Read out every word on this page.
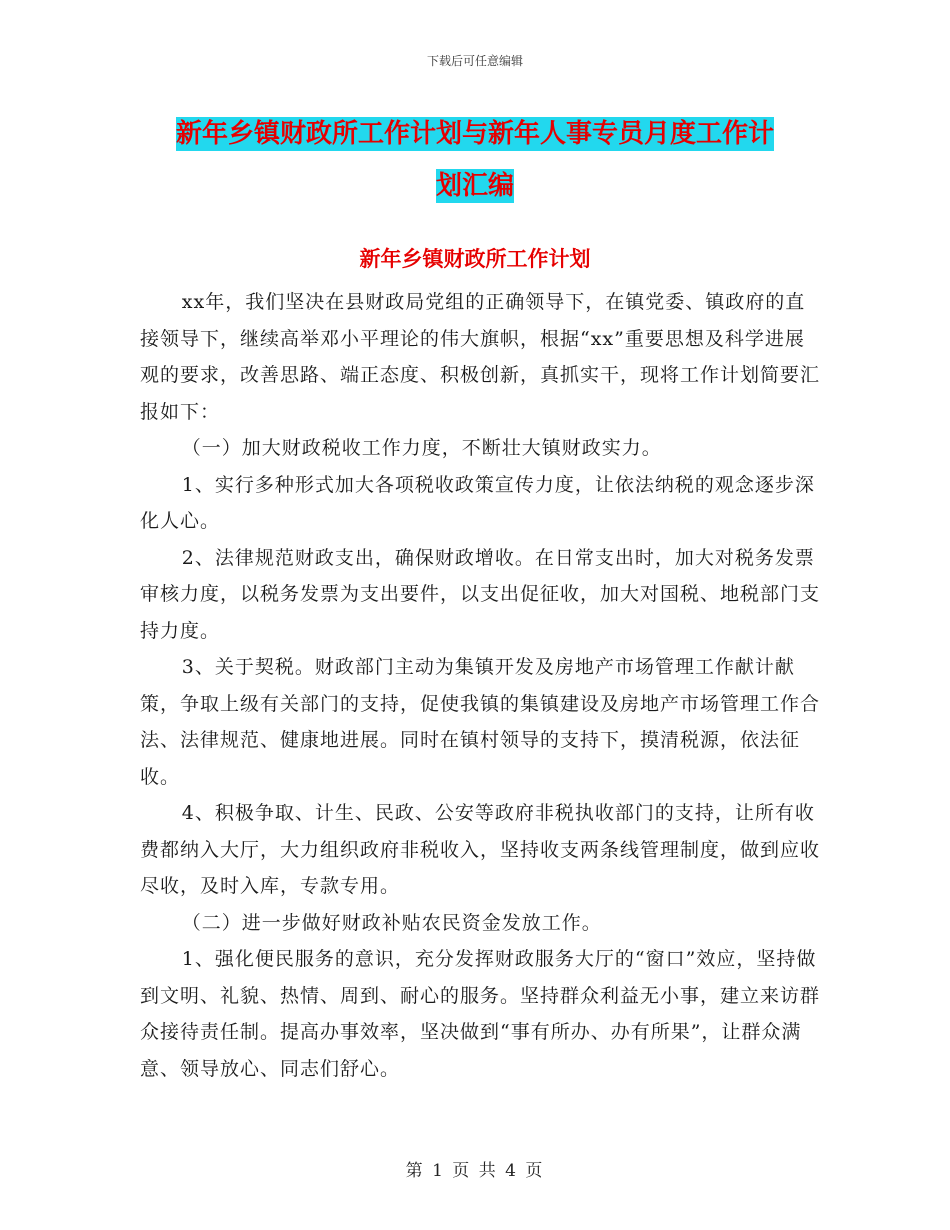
下载后可任意编辑
新年乡镇财政所工作计划与新年人事专员月度工作计
划汇编
新年乡镇财政所工作计划

xx年，我们坚决在县财政局党组的正确领导下，在镇党委、镇政府的直接领导下，继续高举邓小平理论的伟大旗帜，根据“xx”重要思想及科学进展观的要求，改善思路、端正态度、积极创新，真抓实干，现将工作计划简要汇报如下：

（一）加大财政税收工作力度，不断壮大镇财政实力。

1、实行多种形式加大各项税收政策宣传力度，让依法纳税的观念逐步深化人心。

2、法律规范财政支出，确保财政增收。在日常支出时，加大对税务发票审核力度，以税务发票为支出要件，以支出促征收，加大对国税、地税部门支持力度。

3、关于契税。财政部门主动为集镇开发及房地产市场管理工作献计献策，争取上级有关部门的支持，促使我镇的集镇建设及房地产市场管理工作合法、法律规范、健康地进展。同时在镇村领导的支持下，摸清税源，依法征收。

4、积极争取、计生、民政、公安等政府非税执收部门的支持，让所有收费都纳入大厅，大力组织政府非税收入，坚持收支两条线管理制度，做到应收尽收，及时入库，专款专用。

（二）进一步做好财政补贴农民资金发放工作。

1、强化便民服务的意识，充分发挥财政服务大厅的“窗口”效应，坚持做到文明、礼貌、热情、周到、耐心的服务。坚持群众利益无小事，建立来访群众接待责任制。提高办事效率，坚决做到“事有所办、办有所果”，让群众满意、领导放心、同志们舒心。

第 1 页 共 4 页
